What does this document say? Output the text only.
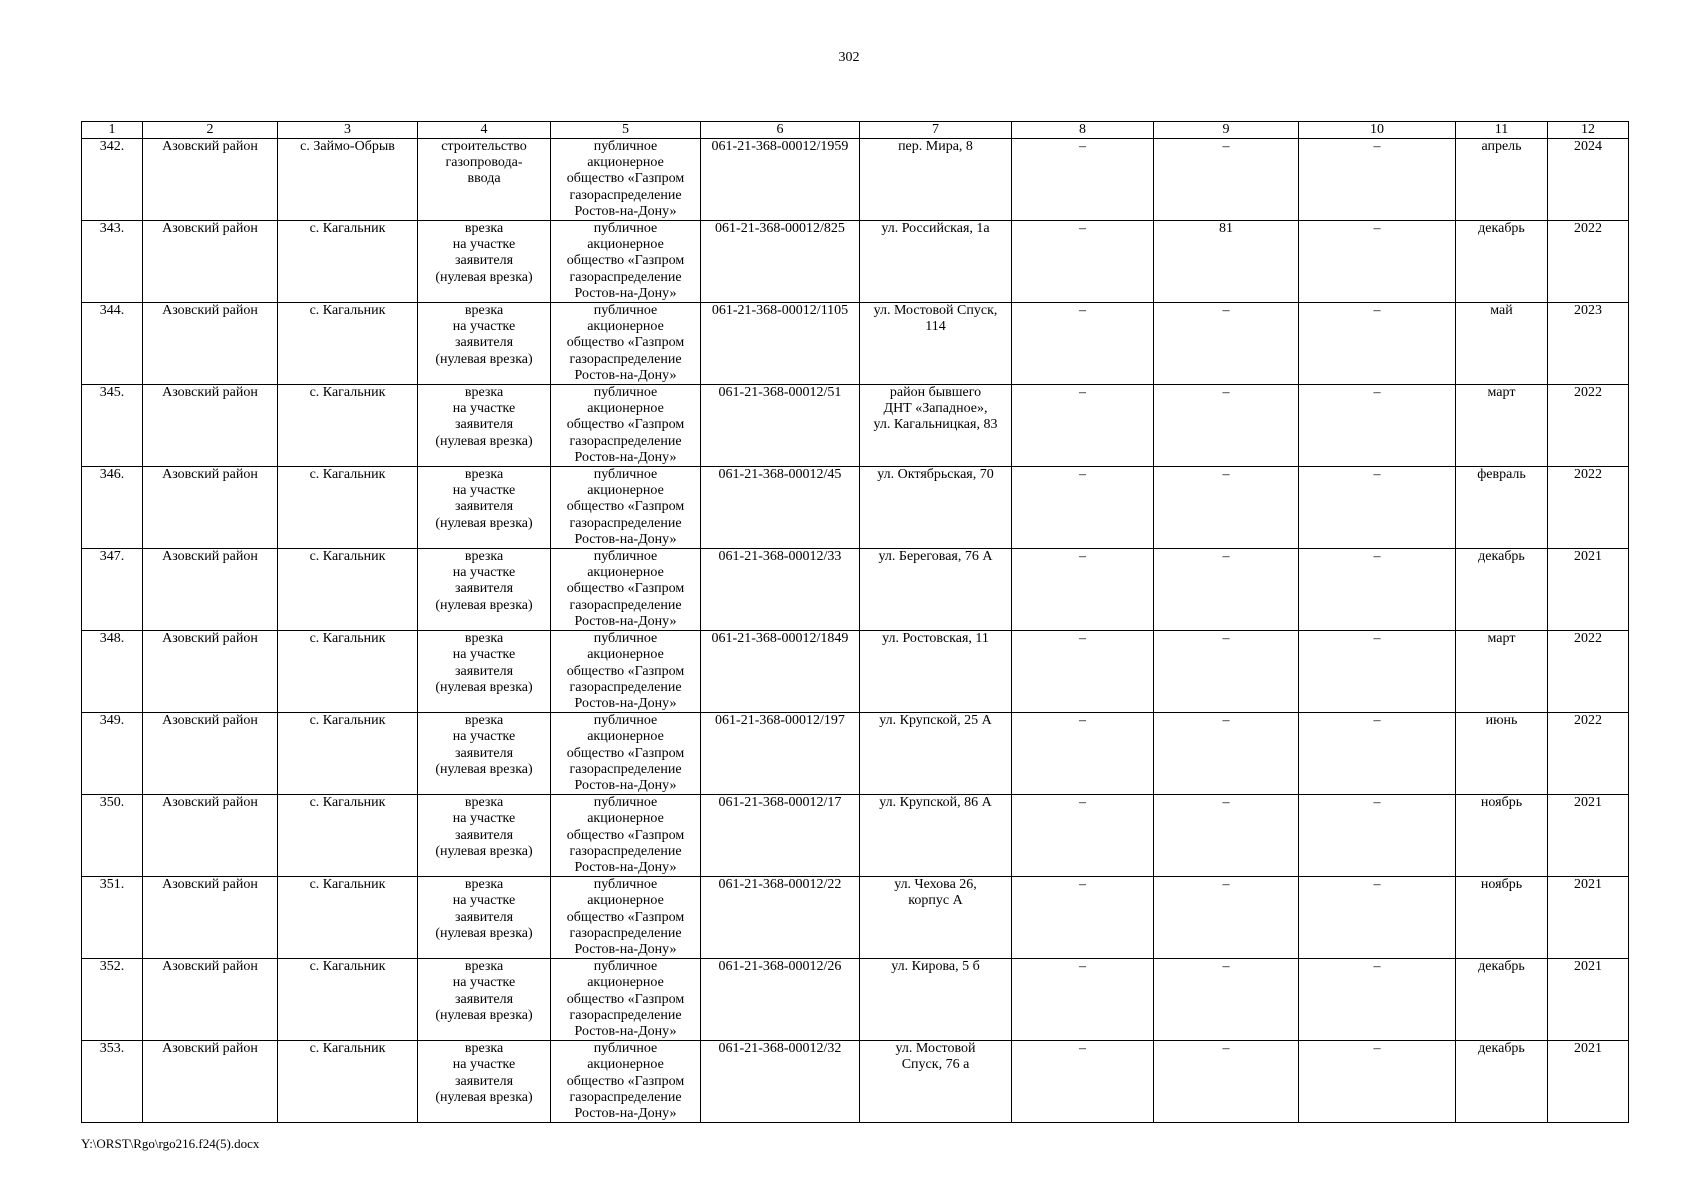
302
1	2	3	4	5	6	7	8	9	10	11	12
342.	Азовский район	с. Займо-Обрыв	строительство
газопровода-
ввода	публичное
акционерное
общество «Газпром
газораспределение
Ростов-на-Дону»	061-21-368-00012/1959	пер. Мира, 8	–	–	–	апрель	2024
343.	Азовский район	с. Кагальник	врезка
на участке
заявителя
(нулевая врезка)	публичное
акционерное
общество «Газпром
газораспределение
Ростов-на-Дону»	061-21-368-00012/825	ул. Российская, 1а	–	81	–	декабрь	2022
344.	Азовский район	с. Кагальник	врезка
на участке
заявителя
(нулевая врезка)	публичное
акционерное
общество «Газпром
газораспределение
Ростов-на-Дону»	061-21-368-00012/1105	ул. Мостовой Спуск,
114	–	–	–	май	2023
345.	Азовский район	с. Кагальник	врезка
на участке
заявителя
(нулевая врезка)	публичное
акционерное
общество «Газпром
газораспределение
Ростов-на-Дону»	061-21-368-00012/51	район бывшего
ДНТ «Западное»,
ул. Кагальницкая, 83	–	–	–	март	2022
346.	Азовский район	с. Кагальник	врезка
на участке
заявителя
(нулевая врезка)	публичное
акционерное
общество «Газпром
газораспределение
Ростов-на-Дону»	061-21-368-00012/45	ул. Октябрьская, 70	–	–	–	февраль	2022
347.	Азовский район	с. Кагальник	врезка
на участке
заявителя
(нулевая врезка)	публичное
акционерное
общество «Газпром
газораспределение
Ростов-на-Дону»	061-21-368-00012/33	ул. Береговая, 76 А	–	–	–	декабрь	2021
348.	Азовский район	с. Кагальник	врезка
на участке
заявителя
(нулевая врезка)	публичное
акционерное
общество «Газпром
газораспределение
Ростов-на-Дону»	061-21-368-00012/1849	ул. Ростовская, 11	–	–	–	март	2022
349.	Азовский район	с. Кагальник	врезка
на участке
заявителя
(нулевая врезка)	публичное
акционерное
общество «Газпром
газораспределение
Ростов-на-Дону»	061-21-368-00012/197	ул. Крупской, 25 А	–	–	–	июнь	2022
350.	Азовский район	с. Кагальник	врезка
на участке
заявителя
(нулевая врезка)	публичное
акционерное
общество «Газпром
газораспределение
Ростов-на-Дону»	061-21-368-00012/17	ул. Крупской, 86 А	–	–	–	ноябрь	2021
351.	Азовский район	с. Кагальник	врезка
на участке
заявителя
(нулевая врезка)	публичное
акционерное
общество «Газпром
газораспределение
Ростов-на-Дону»	061-21-368-00012/22	ул. Чехова 26,
корпус А	–	–	–	ноябрь	2021
352.	Азовский район	с. Кагальник	врезка
на участке
заявителя
(нулевая врезка)	публичное
акционерное
общество «Газпром
газораспределение
Ростов-на-Дону»	061-21-368-00012/26	ул. Кирова, 5 б	–	–	–	декабрь	2021
353.	Азовский район	с. Кагальник	врезка
на участке
заявителя
(нулевая врезка)	публичное
акционерное
общество «Газпром
газораспределение
Ростов-на-Дону»	061-21-368-00012/32	ул. Мостовой
Спуск, 76 а	–	–	–	декабрь	2021
Y:\ORST\Rgo\rgo216.f24(5).docx
